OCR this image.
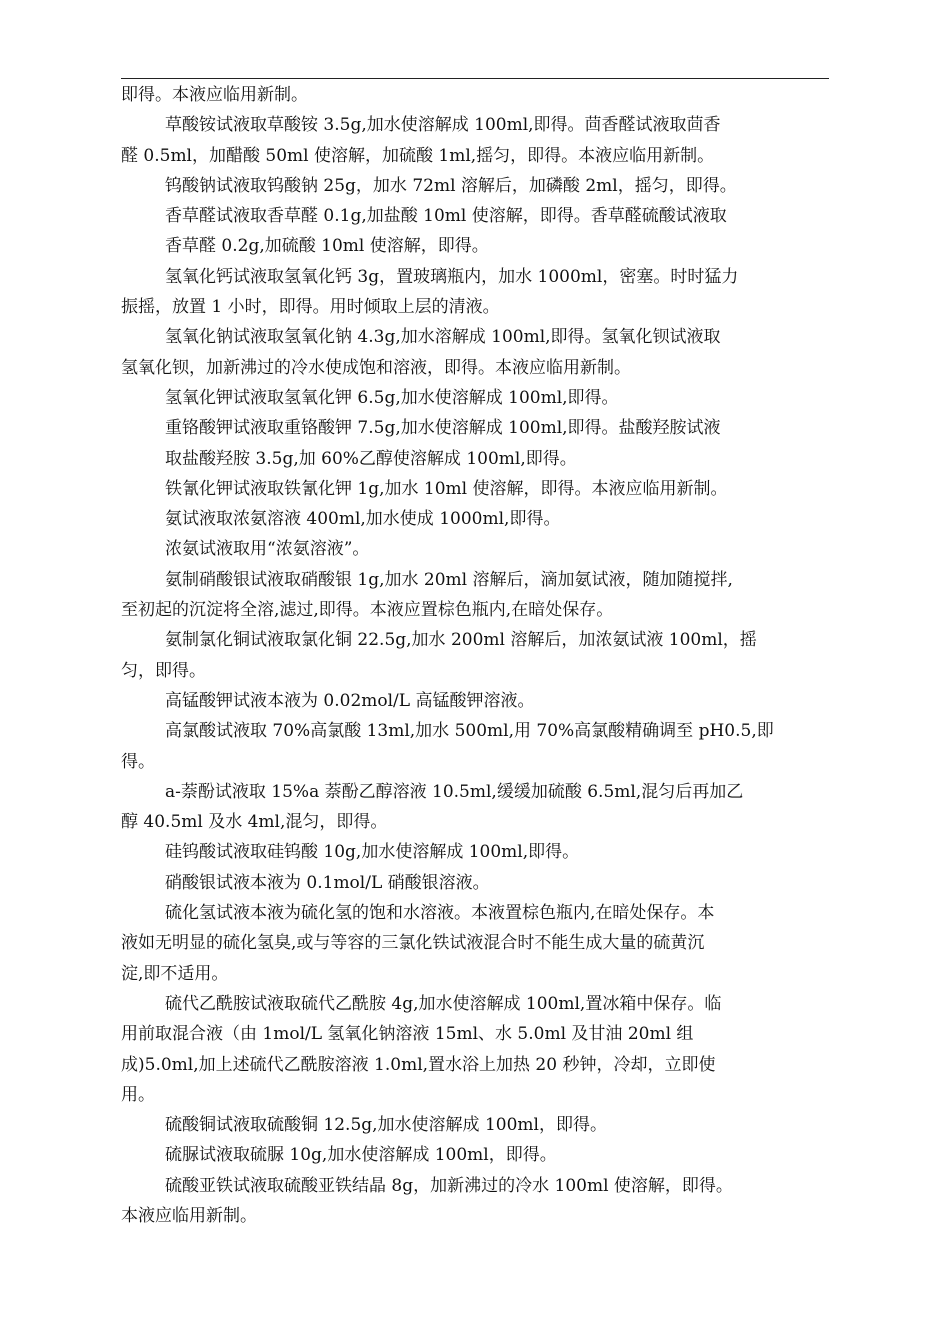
即得。本液应临用新制。
草酸铵试液取草酸铵 3.5g,加水使溶解成 100ml,即得。茴香醛试液取茴香
醛 0.5ml，加醋酸 50ml 使溶解，加硫酸 1ml,摇匀，即得。本液应临用新制。
钨酸钠试液取钨酸钠 25g，加水 72ml 溶解后，加磷酸 2ml，摇匀，即得。
香草醛试液取香草醛 0.1g,加盐酸 10ml 使溶解，即得。香草醛硫酸试液取
香草醛 0.2g,加硫酸 10ml 使溶解，即得。
氢氧化钙试液取氢氧化钙 3g，置玻璃瓶内，加水 1000ml，密塞。时时猛力
振摇，放置 1 小时，即得。用时倾取上层的清液。
氢氧化钠试液取氢氧化钠 4.3g,加水溶解成 100ml,即得。氢氧化钡试液取
氢氧化钡，加新沸过的冷水使成饱和溶液，即得。本液应临用新制。
氢氧化钾试液取氢氧化钾 6.5g,加水使溶解成 100ml,即得。
重铬酸钾试液取重铬酸钾 7.5g,加水使溶解成 100ml,即得。盐酸羟胺试液
取盐酸羟胺 3.5g,加 60%乙醇使溶解成 100ml,即得。
铁氰化钾试液取铁氰化钾 1g,加水 10ml 使溶解，即得。本液应临用新制。
氨试液取浓氨溶液 400ml,加水使成 1000ml,即得。
浓氨试液取用“浓氨溶液”。
氨制硝酸银试液取硝酸银 1g,加水 20ml 溶解后，滴加氨试液，随加随搅拌,
至初起的沉淀将全溶,滤过,即得。本液应置棕色瓶内,在暗处保存。
氨制氯化铜试液取氯化铜 22.5g,加水 200ml 溶解后，加浓氨试液 100ml，摇
匀，即得。
高锰酸钾试液本液为 0.02mol/L 高锰酸钾溶液。
高氯酸试液取 70%高氯酸 13ml,加水 500ml,用 70%高氯酸精确调至 pH0.5,即
得。
a-萘酚试液取 15%a 萘酚乙醇溶液 10.5ml,缓缓加硫酸 6.5ml,混匀后再加乙
醇 40.5ml 及水 4ml,混匀，即得。
硅钨酸试液取硅钨酸 10g,加水使溶解成 100ml,即得。
硝酸银试液本液为 0.1mol/L 硝酸银溶液。
硫化氢试液本液为硫化氢的饱和水溶液。本液置棕色瓶内,在暗处保存。本
液如无明显的硫化氢臭,或与等容的三氯化铁试液混合时不能生成大量的硫黄沉
淀,即不适用。
硫代乙酰胺试液取硫代乙酰胺 4g,加水使溶解成 100ml,置冰箱中保存。临
用前取混合液（由 1mol/L 氢氧化钠溶液 15ml、水 5.0ml 及甘油 20ml 组
成)5.0ml,加上述硫代乙酰胺溶液 1.0ml,置水浴上加热 20 秒钟，冷却，立即使
用。
硫酸铜试液取硫酸铜 12.5g,加水使溶解成 100ml，即得。
硫脲试液取硫脲 10g,加水使溶解成 100ml，即得。
硫酸亚铁试液取硫酸亚铁结晶 8g，加新沸过的冷水 100ml 使溶解，即得。
本液应临用新制。
